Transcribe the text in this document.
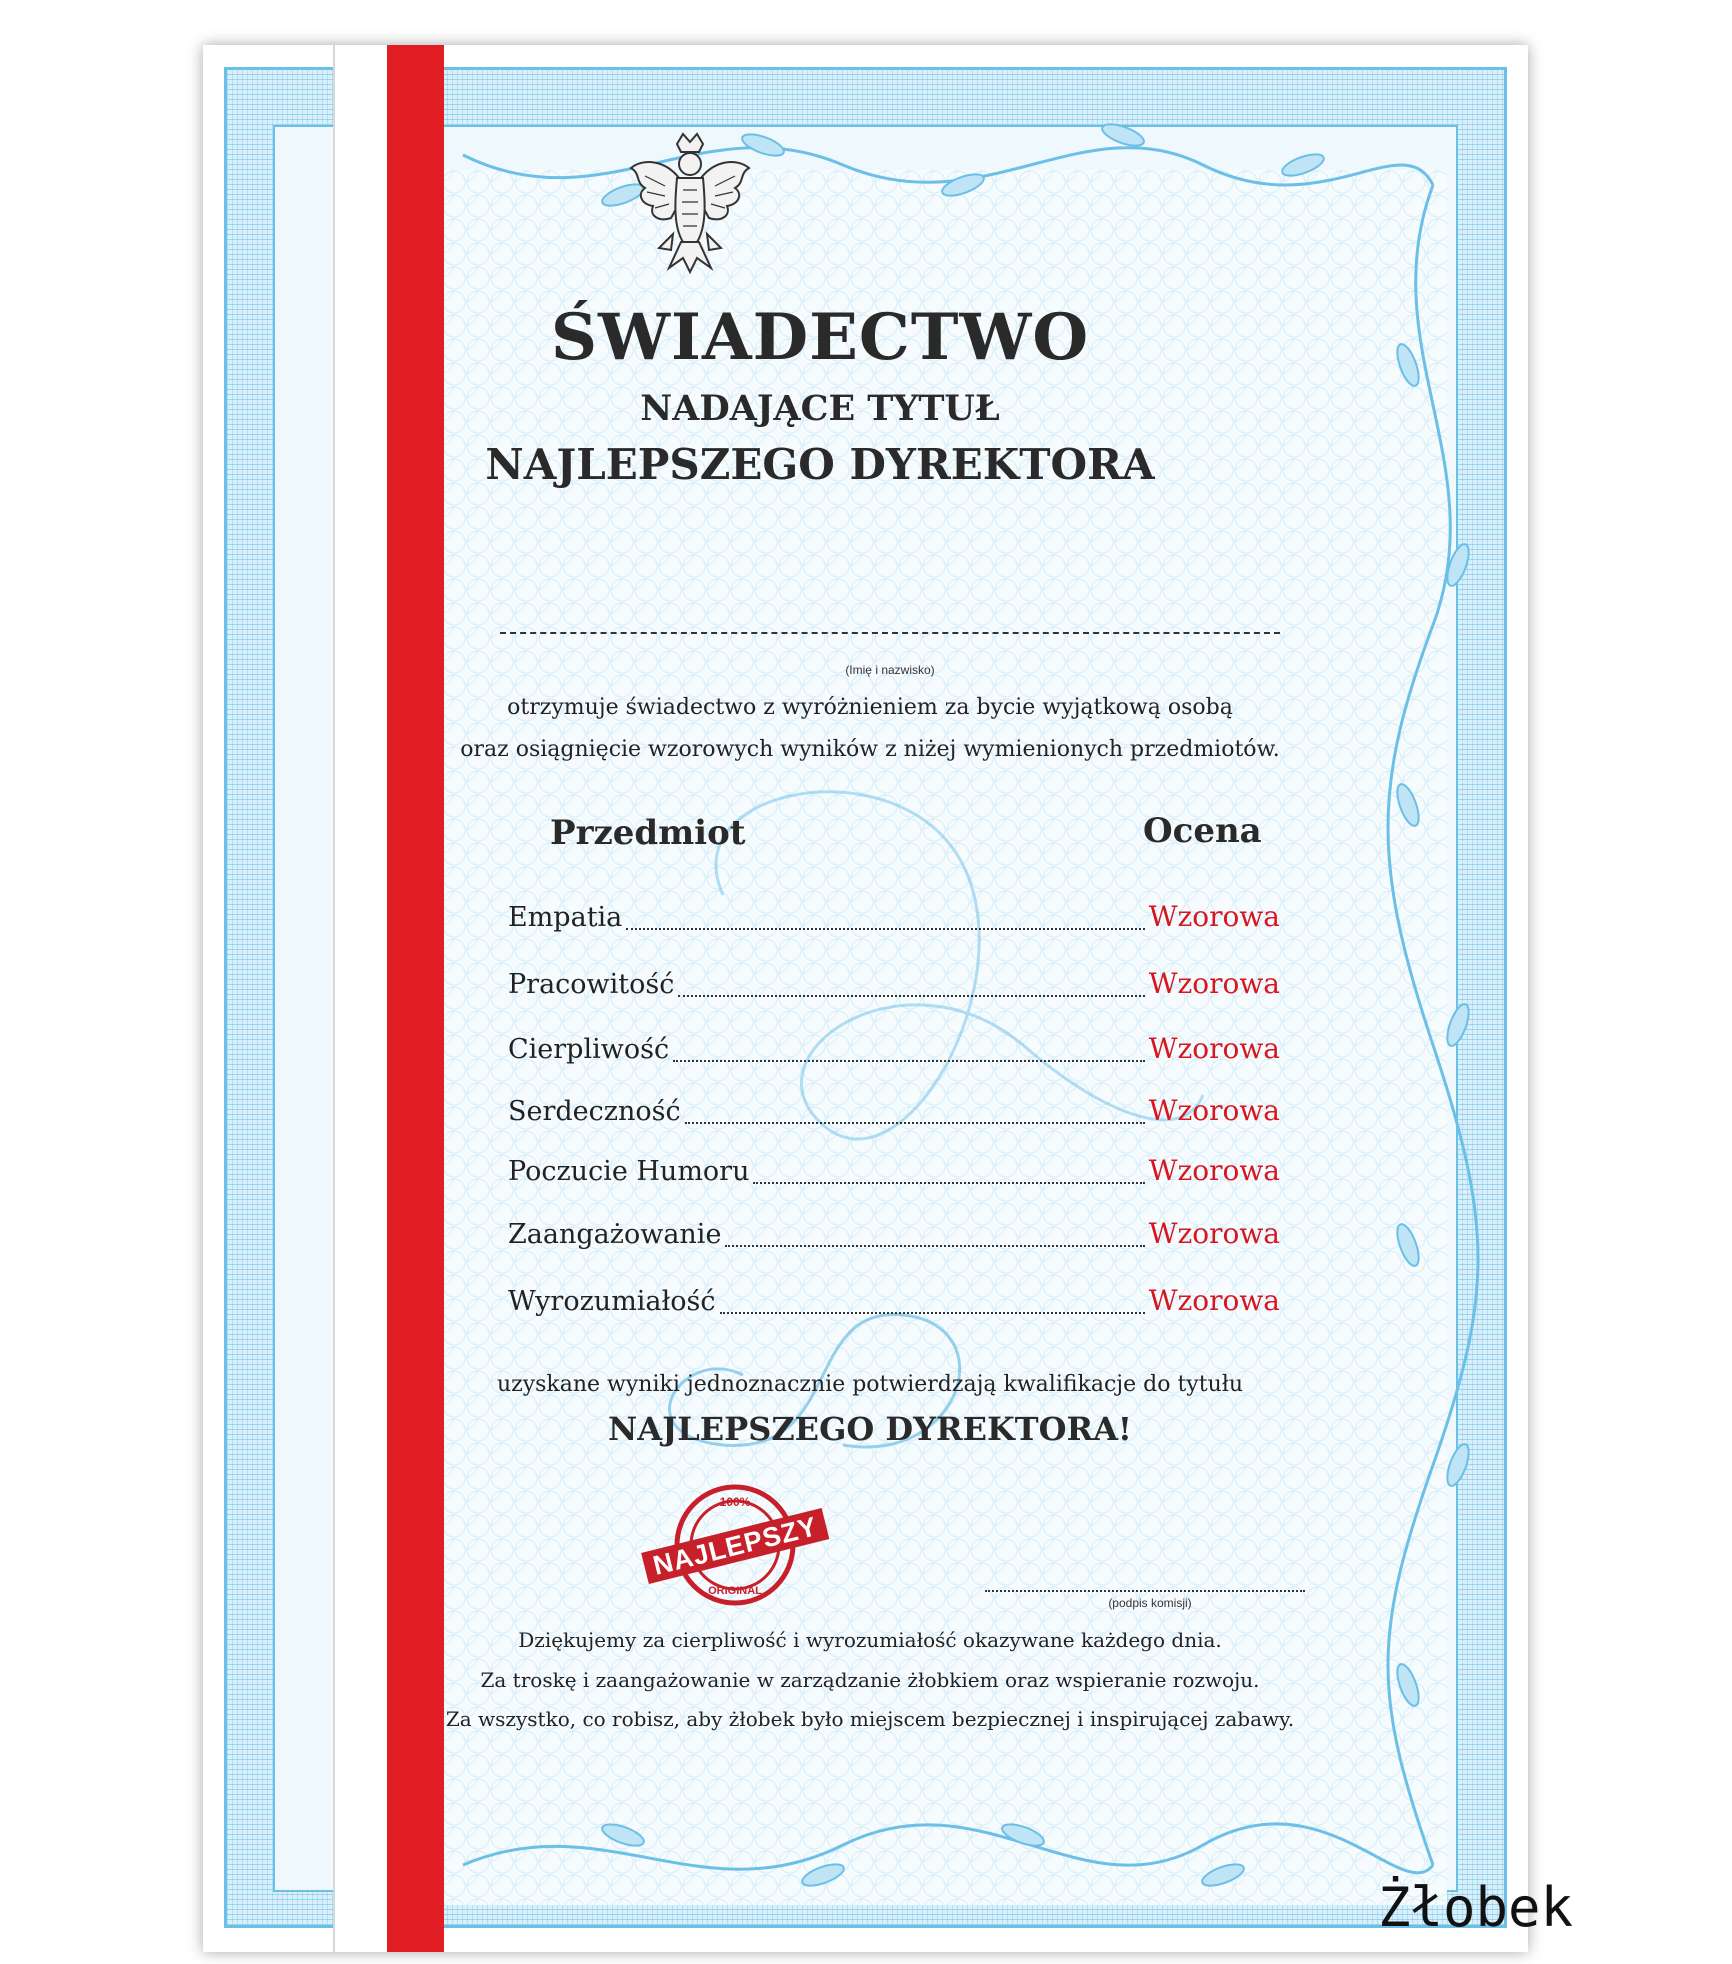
ŚWIADECTWO
NADAJĄCE TYTUŁ
NAJLEPSZEGO DYREKTORA
(Imię i nazwisko)
otrzymuje świadectwo z wyróżnieniem za bycie wyjątkową osobą
oraz osiągnięcie wzorowych wyników z niżej wymienionych przedmiotów.
Przedmiot	Ocena
Empatia	Wzorowa
Pracowitość	Wzorowa
Cierpliwość	Wzorowa
Serdeczność	Wzorowa
Poczucie Humoru	Wzorowa
Zaangażowanie	Wzorowa
Wyrozumiałość	Wzorowa
uzyskane wyniki jednoznacznie potwierdzają kwalifikacje do tytułu
NAJLEPSZEGO DYREKTORA!
100%
NAJLEPSZY
ORIGINAL
(podpis komisji)
Dziękujemy za cierpliwość i wyrozumiałość okazywane każdego dnia.
Za troskę i zaangażowanie w zarządzanie żłobkiem oraz wspieranie rozwoju.
Za wszystko, co robisz, aby żłobek było miejscem bezpiecznej i inspirującej zabawy.
Żłobek
